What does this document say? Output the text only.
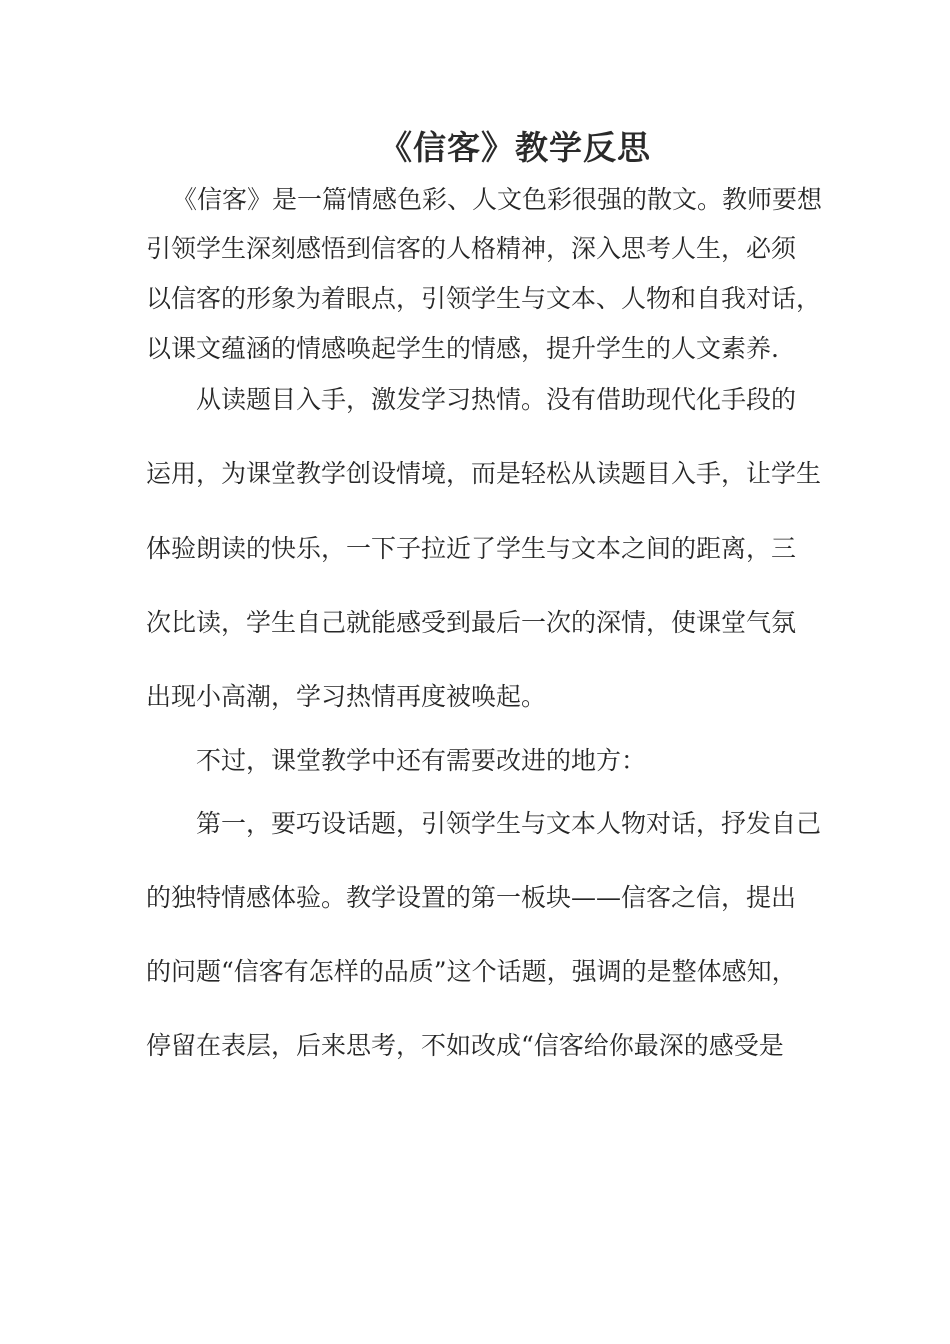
《信客》教学反思
《信客》是一篇情感色彩、人文色彩很强的散文。教师要想
引领学生深刻感悟到信客的人格精神，深入思考人生，必须
以信客的形象为着眼点，引领学生与文本、人物和自我对话，
以课文蕴涵的情感唤起学生的情感，提升学生的人文素养.
从读题目入手，激发学习热情。没有借助现代化手段的
运用，为课堂教学创设情境，而是轻松从读题目入手，让学生
体验朗读的快乐，一下子拉近了学生与文本之间的距离，三
次比读，学生自己就能感受到最后一次的深情，使课堂气氛
出现小高潮，学习热情再度被唤起。
不过，课堂教学中还有需要改进的地方：
第一，要巧设话题，引领学生与文本人物对话，抒发自己
的独特情感体验。教学设置的第一板块——信客之信，提出
的问题“信客有怎样的品质”这个话题，强调的是整体感知，
停留在表层，后来思考，不如改成“信客给你最深的感受是
